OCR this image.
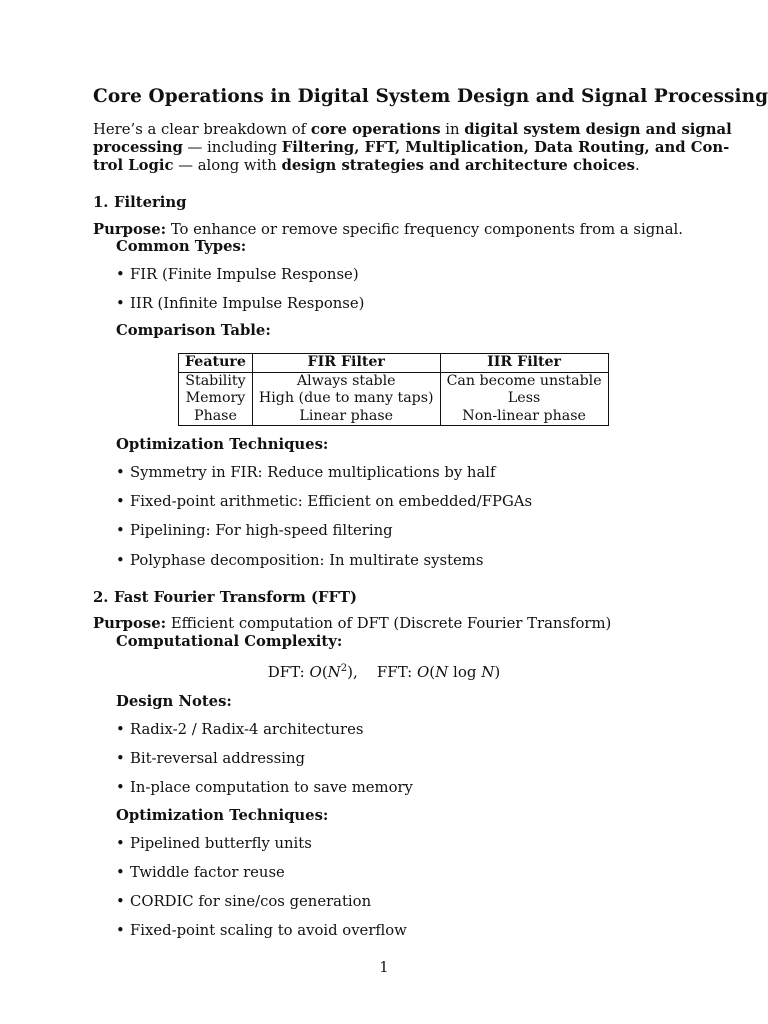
Core Operations in Digital System Design and Signal Processing
Here’s a clear breakdown of core operations in digital system design and signal
processing — including Filtering, FFT, Multiplication, Data Routing, and Con-
trol Logic — along with design strategies and architecture choices.
1. Filtering
Purpose: To enhance or remove specific frequency components from a signal.
Common Types:
• FIR (Finite Impulse Response)
• IIR (Infinite Impulse Response)
Comparison Table:
Feature	FIR Filter	IIR Filter
Stability	Always stable	Can become unstable
Memory	High (due to many taps)	Less
Phase	Linear phase	Non-linear phase
Optimization Techniques:
• Symmetry in FIR: Reduce multiplications by half
• Fixed-point arithmetic: Efficient on embedded/FPGAs
• Pipelining: For high-speed filtering
• Polyphase decomposition: In multirate systems
2. Fast Fourier Transform (FFT)
Purpose: Efficient computation of DFT (Discrete Fourier Transform)
Computational Complexity:
DFT: $O(N^2)$,    FFT: O(N log N)
Design Notes:
• Radix-2 / Radix-4 architectures
• Bit-reversal addressing
• In-place computation to save memory
Optimization Techniques:
• Pipelined butterfly units
• Twiddle factor reuse
• CORDIC for sine/cos generation
• Fixed-point scaling to avoid overflow
1
